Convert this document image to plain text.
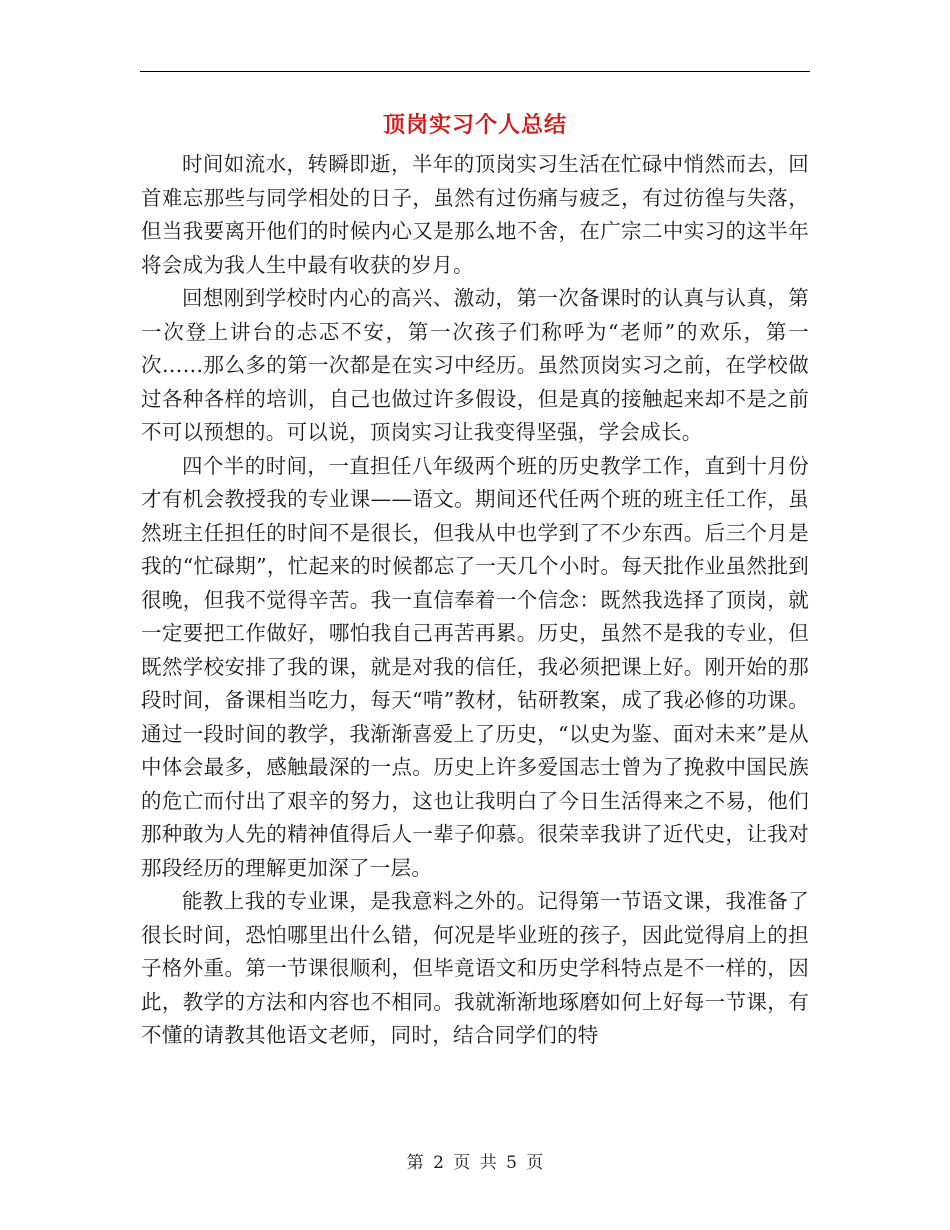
顶岗实习个人总结

时间如流水，转瞬即逝，半年的顶岗实习生活在忙碌中悄然而去，回首难忘那些与同学相处的日子，虽然有过伤痛与疲乏，有过彷徨与失落，但当我要离开他们的时候内心又是那么地不舍，在广宗二中实习的这半年将会成为我人生中最有收获的岁月。

回想刚到学校时内心的高兴、激动，第一次备课时的认真与认真，第一次登上讲台的忐忑不安，第一次孩子们称呼为“老师”的欢乐，第一次……那么多的第一次都是在实习中经历。虽然顶岗实习之前，在学校做过各种各样的培训，自己也做过许多假设，但是真的接触起来却不是之前不可以预想的。可以说，顶岗实习让我变得坚强，学会成长。

四个半的时间，一直担任八年级两个班的历史教学工作，直到十月份才有机会教授我的专业课——语文。期间还代任两个班的班主任工作，虽然班主任担任的时间不是很长，但我从中也学到了不少东西。后三个月是我的“忙碌期”，忙起来的时候都忘了一天几个小时。每天批作业虽然批到很晚，但我不觉得辛苦。我一直信奉着一个信念：既然我选择了顶岗，就一定要把工作做好，哪怕我自己再苦再累。历史，虽然不是我的专业，但既然学校安排了我的课，就是对我的信任，我必须把课上好。刚开始的那段时间，备课相当吃力，每天“啃”教材，钻研教案，成了我必修的功课。通过一段时间的教学，我渐渐喜爱上了历史，“以史为鉴、面对未来”是从中体会最多，感触最深的一点。历史上许多爱国志士曾为了挽救中国民族的危亡而付出了艰辛的努力，这也让我明白了今日生活得来之不易，他们那种敢为人先的精神值得后人一辈子仰慕。很荣幸我讲了近代史，让我对那段经历的理解更加深了一层。

能教上我的专业课，是我意料之外的。记得第一节语文课，我准备了很长时间，恐怕哪里出什么错，何况是毕业班的孩子，因此觉得肩上的担子格外重。第一节课很顺利，但毕竟语文和历史学科特点是不一样的，因此，教学的方法和内容也不相同。我就渐渐地琢磨如何上好每一节课，有不懂的请教其他语文老师，同时，结合同学们的特

第 2 页 共 5 页
